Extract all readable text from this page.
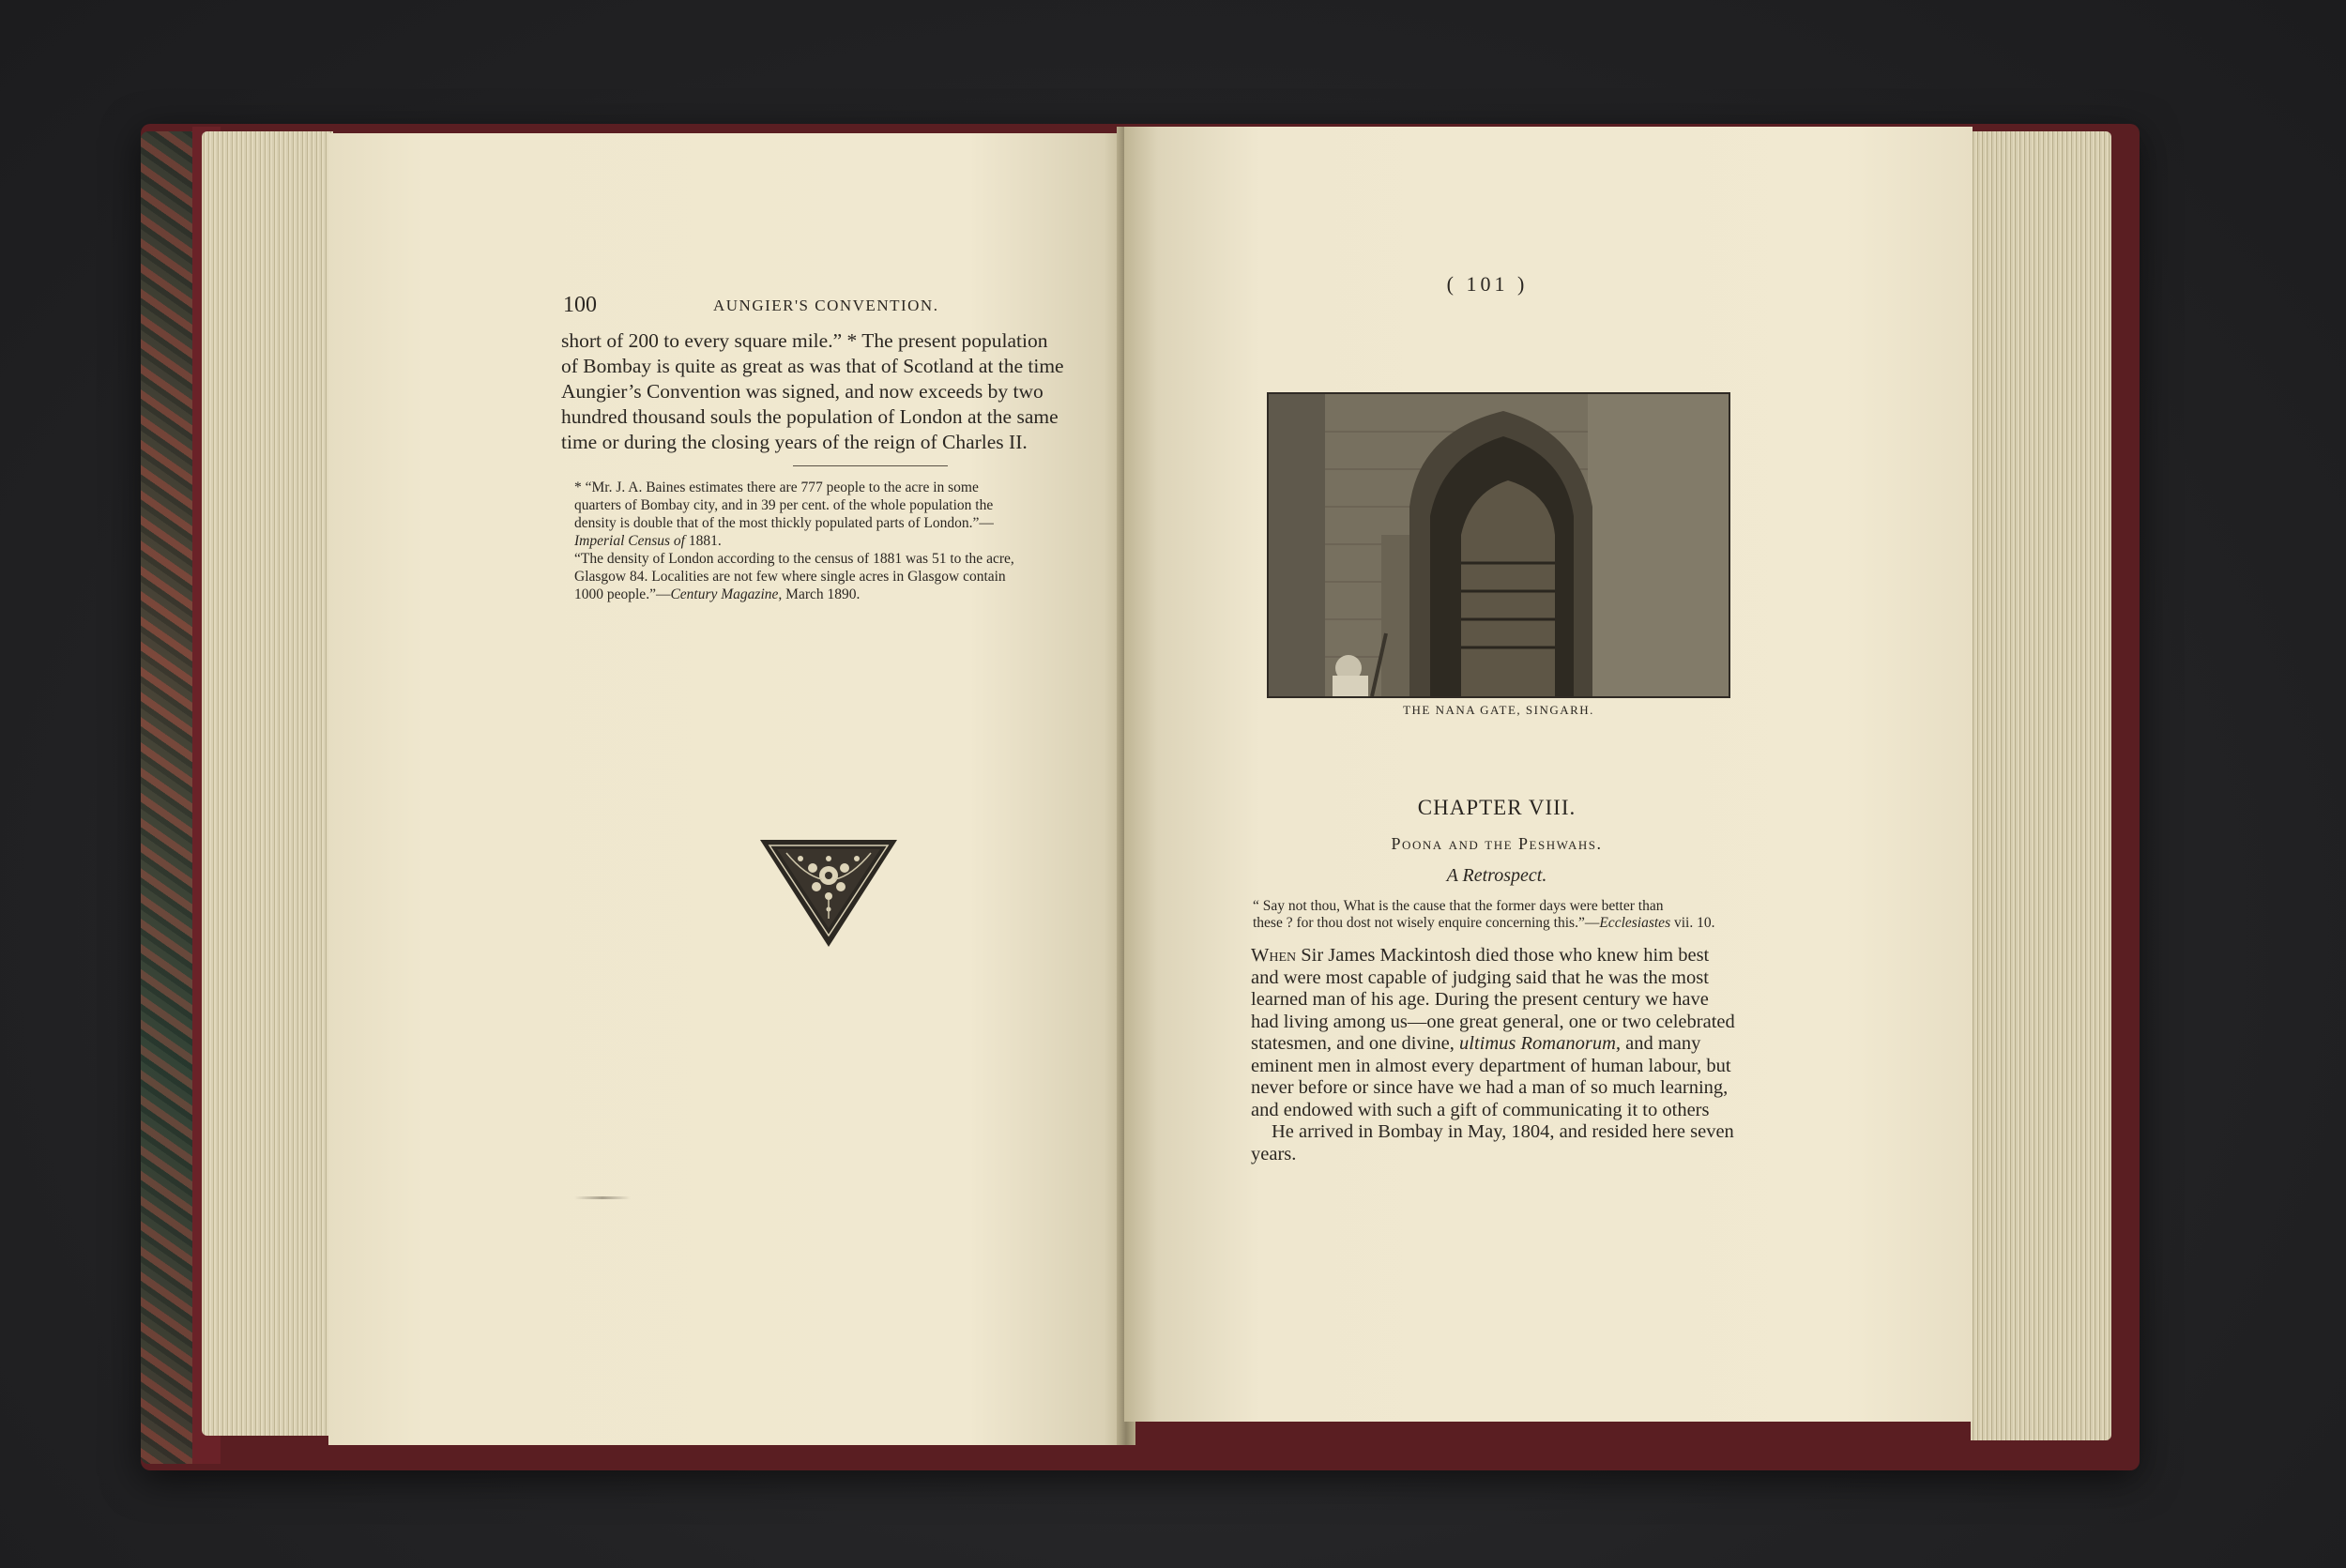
100	AUNGIER'S CONVENTION.
short of 200 to every square mile.” * The present population
of Bombay is quite as great as was that of Scotland at the time
Aungier’s Convention was signed, and now exceeds by two
hundred thousand souls the population of London at the same
time or during the closing years of the reign of Charles II.
* “Mr. J. A. Baines estimates there are 777 people to the acre in some
quarters of Bombay city, and in 39 per cent. of the whole population the
density is double that of the most thickly populated parts of London.”—
Imperial Census of 1881.
“The density of London according to the census of 1881 was 51 to the acre,
Glasgow 84. Localities are not few where single acres in Glasgow contain
1000 people.”—Century Magazine, March 1890.
( 101 )
THE NANA GATE, SINGARH.
CHAPTER VIII.
Poona and the Peshwahs.
A Retrospect.
“ Say not thou, What is the cause that the former days were better than
these ? for thou dost not wisely enquire concerning this.”—Ecclesiastes vii. 10.
When Sir James Mackintosh died those who knew him best
and were most capable of judging said that he was the most
learned man of his age. During the present century we have
had living among us—one great general, one or two celebrated
statesmen, and one divine, ultimus Romanorum, and many
eminent men in almost every department of human labour, but
never before or since have we had a man of so much learning,
and endowed with such a gift of communicating it to others
He arrived in Bombay in May, 1804, and resided here seven
years.
